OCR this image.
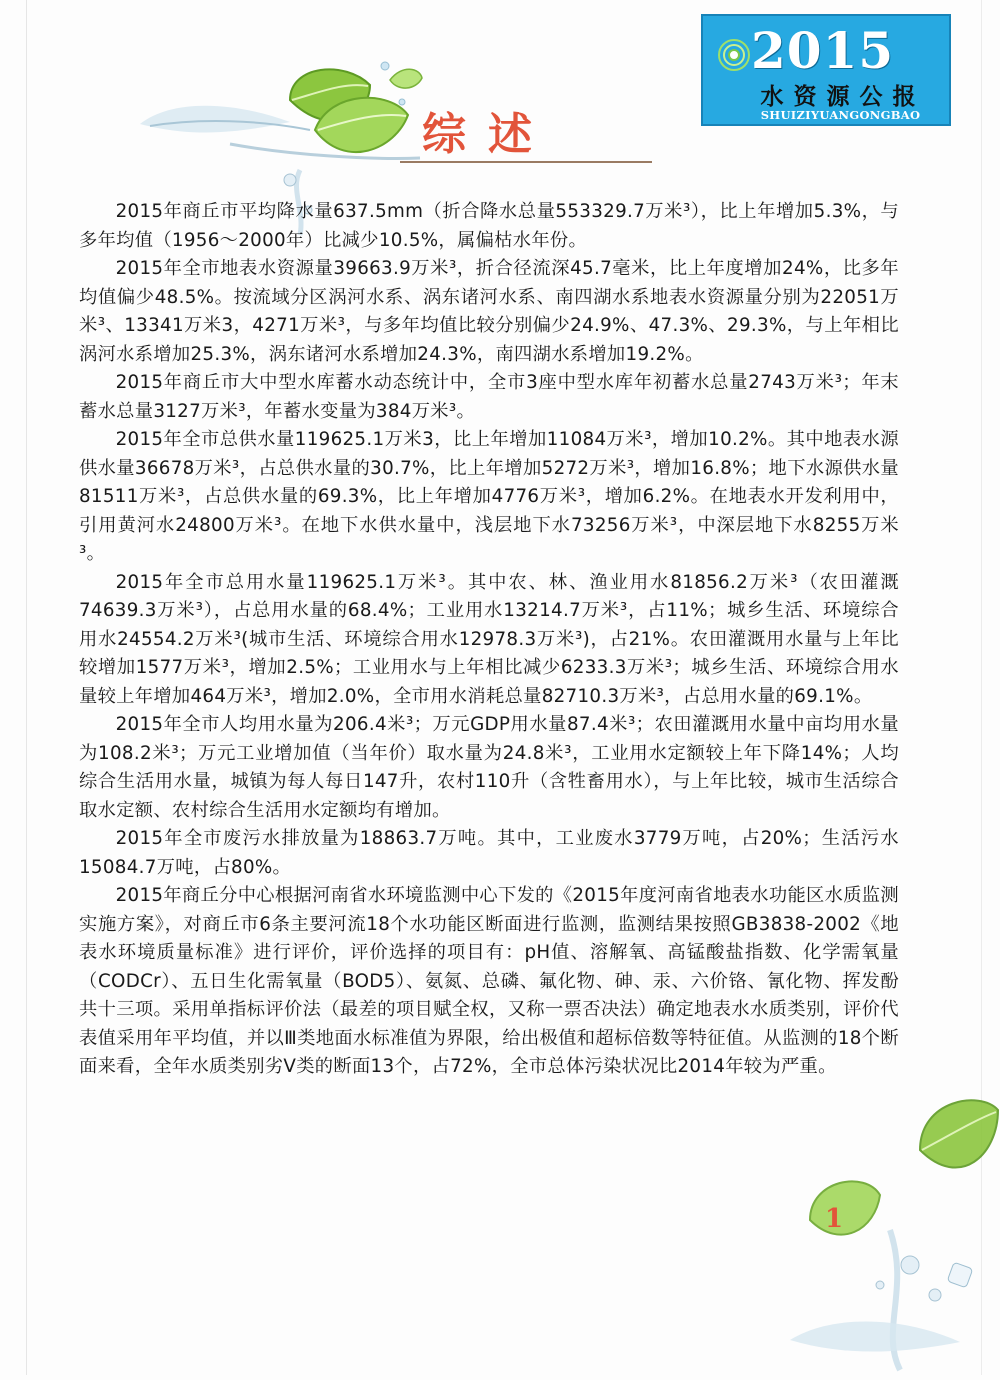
2015
水资源公报
SHUIZIYUANGONGBAO
综述

2015年商丘市平均降水量637.5mm（折合降水总量553329.7万米³），比上年增加5.3%，与多年均值（1956～2000年）比减少10.5%，属偏枯水年份。

2015年全市地表水资源量39663.9万米³，折合径流深45.7毫米，比上年度增加24%，比多年均值偏少48.5%。按流域分区涡河水系、涡东诸河水系、南四湖水系地表水资源量分别为22051万米³、13341万米3，4271万米³，与多年均值比较分别偏少24.9%、47.3%、29.3%，与上年相比涡河水系增加25.3%，涡东诸河水系增加24.3%，南四湖水系增加19.2%。

2015年商丘市大中型水库蓄水动态统计中，全市3座中型水库年初蓄水总量2743万米³；年末蓄水总量3127万米³，年蓄水变量为384万米³。

2015年全市总供水量119625.1万米3，比上年增加11084万米³，增加10.2%。其中地表水源供水量36678万米³，占总供水量的30.7%，比上年增加5272万米³，增加16.8%；地下水源供水量81511万米³，占总供水量的69.3%，比上年增加4776万米³，增加6.2%。在地表水开发利用中，引用黄河水24800万米³。在地下水供水量中，浅层地下水73256万米³，中深层地下水8255万米³。

2015年全市总用水量119625.1万米³。其中农、林、渔业用水81856.2万米³（农田灌溉74639.3万米³），占总用水量的68.4%；工业用水13214.7万米³，占11%；城乡生活、环境综合用水24554.2万米³(城市生活、环境综合用水12978.3万米³)，占21%。农田灌溉用水量与上年比较增加1577万米³，增加2.5%；工业用水与上年相比减少6233.3万米³；城乡生活、环境综合用水量较上年增加464万米³，增加2.0%，全市用水消耗总量82710.3万米³，占总用水量的69.1%。

2015年全市人均用水量为206.4米³；万元GDP用水量87.4米³；农田灌溉用水量中亩均用水量为108.2米³；万元工业增加值（当年价）取水量为24.8米³，工业用水定额较上年下降14%；人均综合生活用水量，城镇为每人每日147升，农村110升（含牲畜用水），与上年比较，城市生活综合取水定额、农村综合生活用水定额均有增加。

2015年全市废污水排放量为18863.7万吨。其中，工业废水3779万吨，占20%；生活污水15084.7万吨，占80%。

2015年商丘分中心根据河南省水环境监测中心下发的《2015年度河南省地表水功能区水质监测实施方案》，对商丘市6条主要河流18个水功能区断面进行监测，监测结果按照GB3838-2002《地表水环境质量标准》进行评价，评价选择的项目有：pH值、溶解氧、高锰酸盐指数、化学需氧量（CODCr）、五日生化需氧量（BOD5）、氨氮、总磷、氟化物、砷、汞、六价铬、氰化物、挥发酚共十三项。采用单指标评价法（最差的项目赋全权，又称一票否决法）确定地表水水质类别，评价代表值采用年平均值，并以Ⅲ类地面水标准值为界限，给出极值和超标倍数等特征值。从监测的18个断面来看，全年水质类别劣Ⅴ类的断面13个，占72%，全市总体污染状况比2014年较为严重。

1
